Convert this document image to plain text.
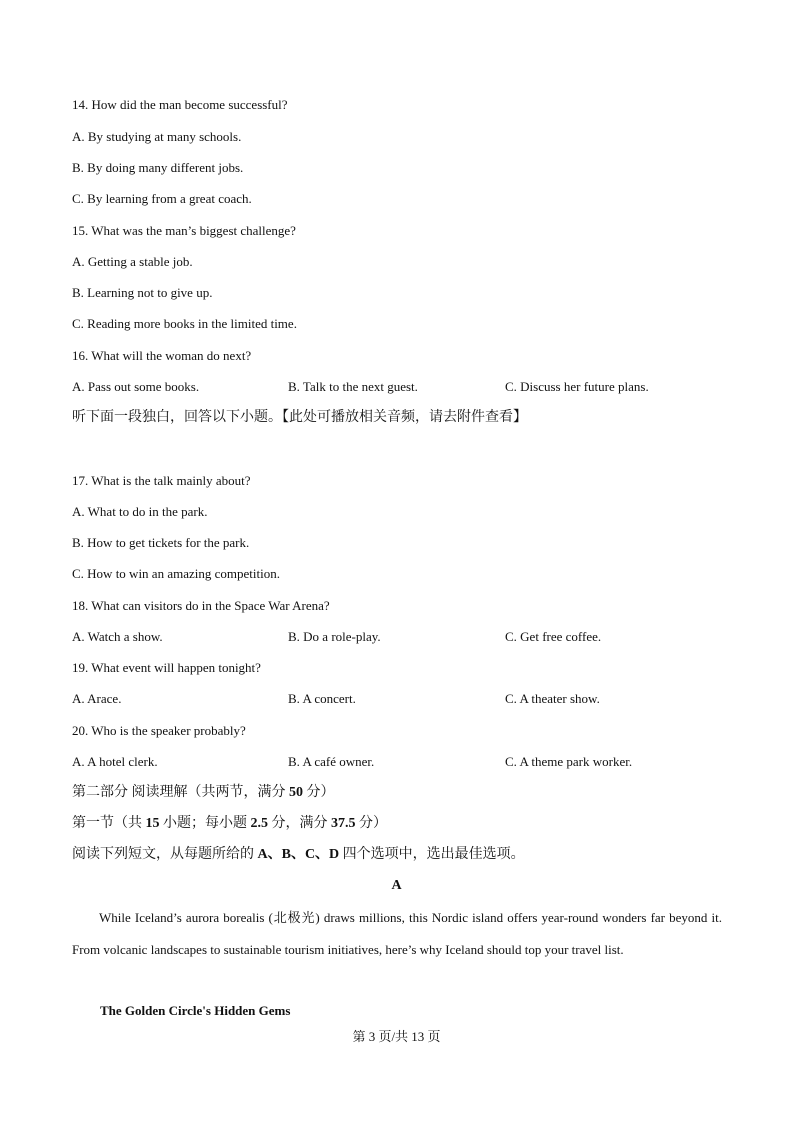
14. How did the man become successful?
A. By studying at many schools.
B. By doing many different jobs.
C. By learning from a great coach.
15. What was the man’s biggest challenge?
A. Getting a stable job.
B. Learning not to give up.
C. Reading more books in the limited time.
16. What will the woman do next?
A. Pass out some books.	B. Talk to the next guest.	C. Discuss her future plans.
听下面一段独白，回答以下小题。【此处可播放相关音频，请去附件查看】
17. What is the talk mainly about?
A. What to do in the park.
B. How to get tickets for the park.
C. How to win an amazing competition.
18. What can visitors do in the Space War Arena?
A. Watch a show.	B. Do a role-play.	C. Get free coffee.
19. What event will happen tonight?
A. Arace.	B. A concert.	C. A theater show.
20. Who is the speaker probably?
A. A hotel clerk.	B. A café owner.	C. A theme park worker.
第二部分 阅读理解（共两节，满分 50 分）
第一节（共 15 小题；每小题 2.5 分，满分 37.5 分）
阅读下列短文，从每题所给的 A、B、C、D 四个选项中，选出最佳选项。
A
While Iceland’s aurora borealis (北极光) draws millions, this Nordic island offers year-round wonders far beyond it. From volcanic landscapes to sustainable tourism initiatives, here’s why Iceland should top your travel list.
The Golden Circle's Hidden Gems
第 3 页/共 13 页
